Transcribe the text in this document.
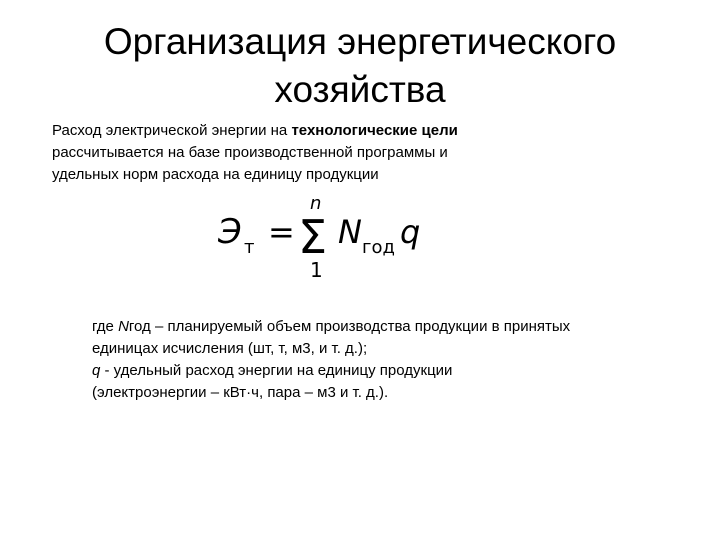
Организация энергетического
хозяйства
Расход электрической энергии на технологические цели
рассчитывается на базе производственной программы и
удельных норм расхода на единицу продукции
Э т = Σ
n
1
N год q

где Nгод – планируемый объем производства продукции в принятых

единицах исчисления (шт, т, м3, и т. д.);

q - удельный расход энергии на единицу продукции

(электроэнергии – кВт·ч, пара – м3 и т. д.).
